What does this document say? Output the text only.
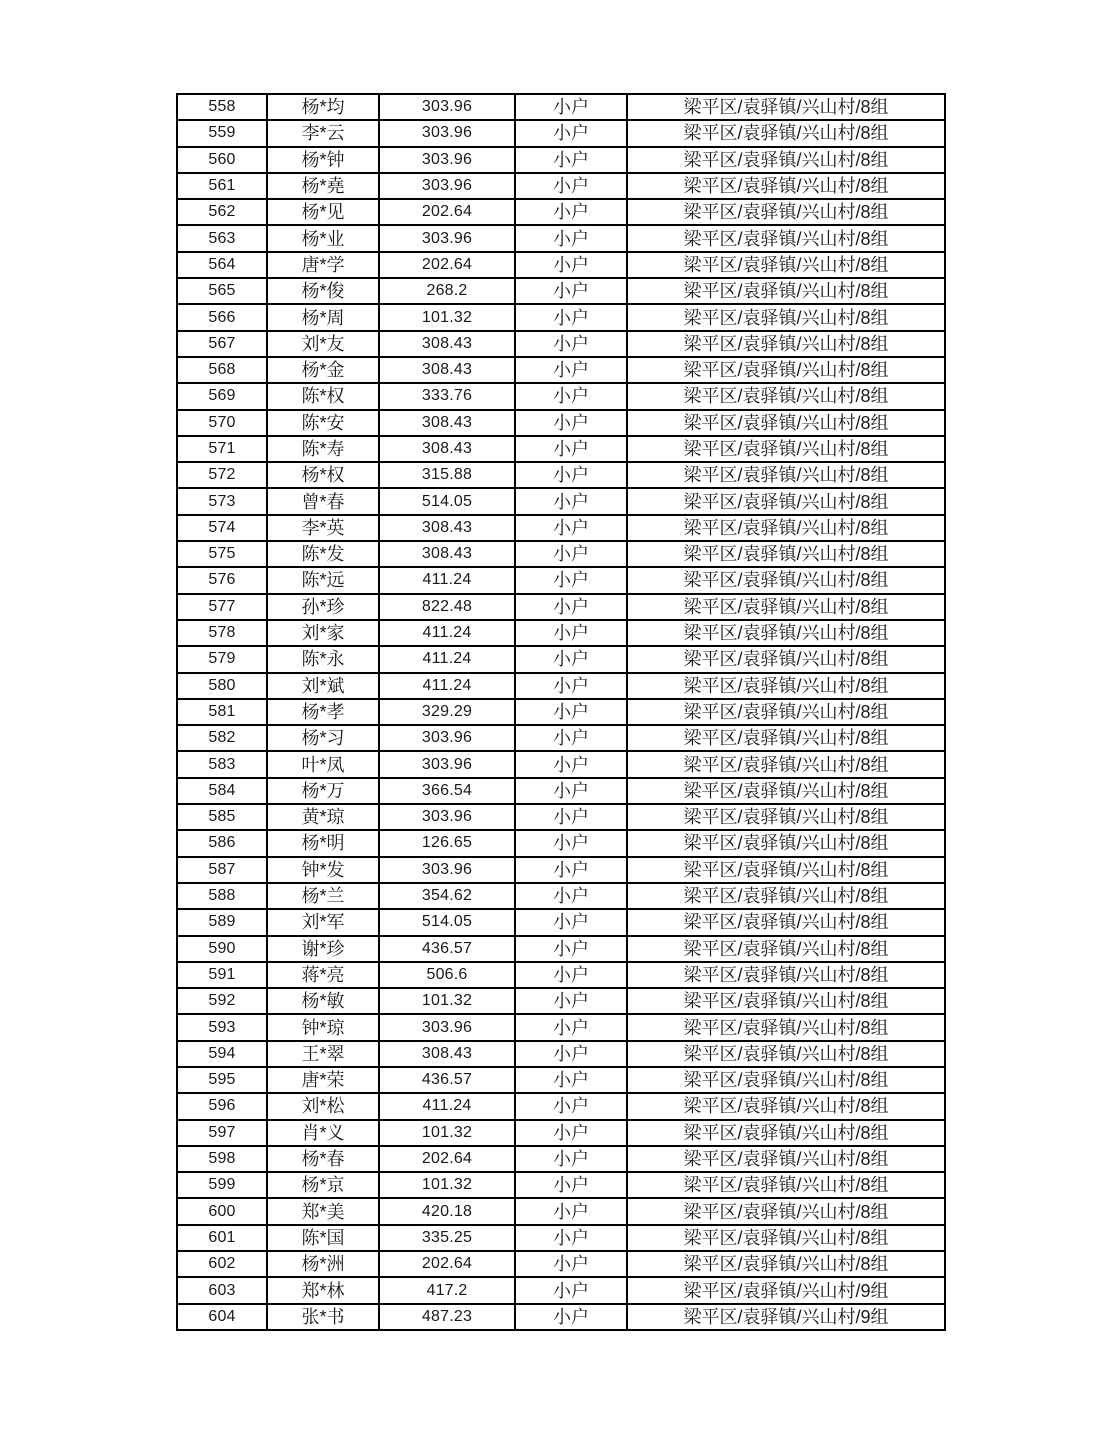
558	杨*均	303.96	小户	梁平区/袁驿镇/兴山村/8组
559	李*云	303.96	小户	梁平区/袁驿镇/兴山村/8组
560	杨*钟	303.96	小户	梁平区/袁驿镇/兴山村/8组
561	杨*堯	303.96	小户	梁平区/袁驿镇/兴山村/8组
562	杨*见	202.64	小户	梁平区/袁驿镇/兴山村/8组
563	杨*业	303.96	小户	梁平区/袁驿镇/兴山村/8组
564	唐*学	202.64	小户	梁平区/袁驿镇/兴山村/8组
565	杨*俊	268.2	小户	梁平区/袁驿镇/兴山村/8组
566	杨*周	101.32	小户	梁平区/袁驿镇/兴山村/8组
567	刘*友	308.43	小户	梁平区/袁驿镇/兴山村/8组
568	杨*金	308.43	小户	梁平区/袁驿镇/兴山村/8组
569	陈*权	333.76	小户	梁平区/袁驿镇/兴山村/8组
570	陈*安	308.43	小户	梁平区/袁驿镇/兴山村/8组
571	陈*寿	308.43	小户	梁平区/袁驿镇/兴山村/8组
572	杨*权	315.88	小户	梁平区/袁驿镇/兴山村/8组
573	曾*春	514.05	小户	梁平区/袁驿镇/兴山村/8组
574	李*英	308.43	小户	梁平区/袁驿镇/兴山村/8组
575	陈*发	308.43	小户	梁平区/袁驿镇/兴山村/8组
576	陈*远	411.24	小户	梁平区/袁驿镇/兴山村/8组
577	孙*珍	822.48	小户	梁平区/袁驿镇/兴山村/8组
578	刘*家	411.24	小户	梁平区/袁驿镇/兴山村/8组
579	陈*永	411.24	小户	梁平区/袁驿镇/兴山村/8组
580	刘*斌	411.24	小户	梁平区/袁驿镇/兴山村/8组
581	杨*孝	329.29	小户	梁平区/袁驿镇/兴山村/8组
582	杨*习	303.96	小户	梁平区/袁驿镇/兴山村/8组
583	叶*凤	303.96	小户	梁平区/袁驿镇/兴山村/8组
584	杨*万	366.54	小户	梁平区/袁驿镇/兴山村/8组
585	黄*琼	303.96	小户	梁平区/袁驿镇/兴山村/8组
586	杨*明	126.65	小户	梁平区/袁驿镇/兴山村/8组
587	钟*发	303.96	小户	梁平区/袁驿镇/兴山村/8组
588	杨*兰	354.62	小户	梁平区/袁驿镇/兴山村/8组
589	刘*军	514.05	小户	梁平区/袁驿镇/兴山村/8组
590	谢*珍	436.57	小户	梁平区/袁驿镇/兴山村/8组
591	蒋*亮	506.6	小户	梁平区/袁驿镇/兴山村/8组
592	杨*敏	101.32	小户	梁平区/袁驿镇/兴山村/8组
593	钟*琼	303.96	小户	梁平区/袁驿镇/兴山村/8组
594	王*翠	308.43	小户	梁平区/袁驿镇/兴山村/8组
595	唐*荣	436.57	小户	梁平区/袁驿镇/兴山村/8组
596	刘*松	411.24	小户	梁平区/袁驿镇/兴山村/8组
597	肖*义	101.32	小户	梁平区/袁驿镇/兴山村/8组
598	杨*春	202.64	小户	梁平区/袁驿镇/兴山村/8组
599	杨*京	101.32	小户	梁平区/袁驿镇/兴山村/8组
600	郑*美	420.18	小户	梁平区/袁驿镇/兴山村/8组
601	陈*国	335.25	小户	梁平区/袁驿镇/兴山村/8组
602	杨*洲	202.64	小户	梁平区/袁驿镇/兴山村/8组
603	郑*林	417.2	小户	梁平区/袁驿镇/兴山村/9组
604	张*书	487.23	小户	梁平区/袁驿镇/兴山村/9组
